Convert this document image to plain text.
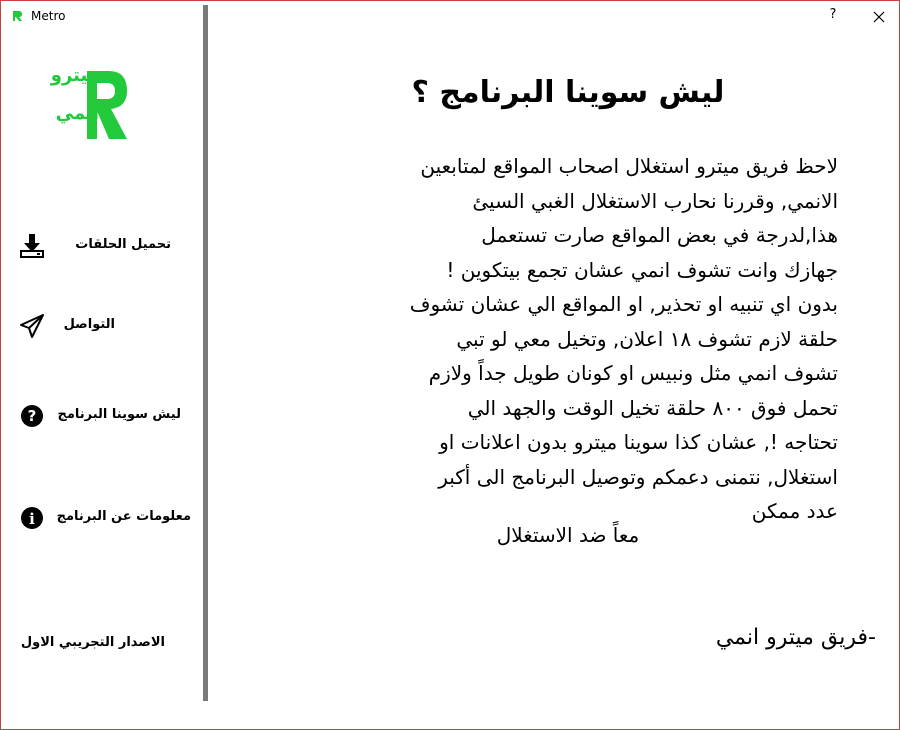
Metro	?
ميترو
انمي
تحميل الحلقات
التواصل
? ليش سوينا البرنامج
i معلومات عن البرنامج
الاصدار التجريبي الاول
ليش سوينا البرنامج ؟
لاحظ فريق ميترو استغلال اصحاب المواقع لمتابعين
الانمي, وقررنا نحارب الاستغلال الغبي السيئ
هذا,لدرجة في بعض المواقع صارت تستعمل
جهازك وانت تشوف انمي عشان تجمع بيتكوين !
بدون اي تنبيه او تحذير, او المواقع الي عشان تشوف
حلقة لازم تشوف ١٨ اعلان, وتخيل معي لو تبي
تشوف انمي مثل ونبيس او كونان طويل جداً ولازم
تحمل فوق ٨٠٠ حلقة تخيل الوقت والجهد الي
تحتاجه !, عشان كذا سوينا ميترو بدون اعلانات او
استغلال, نتمنى دعمكم وتوصيل البرنامج الى أكبر
عدد ممكن
معاً ضد الاستغلال
-فريق ميترو انمي
